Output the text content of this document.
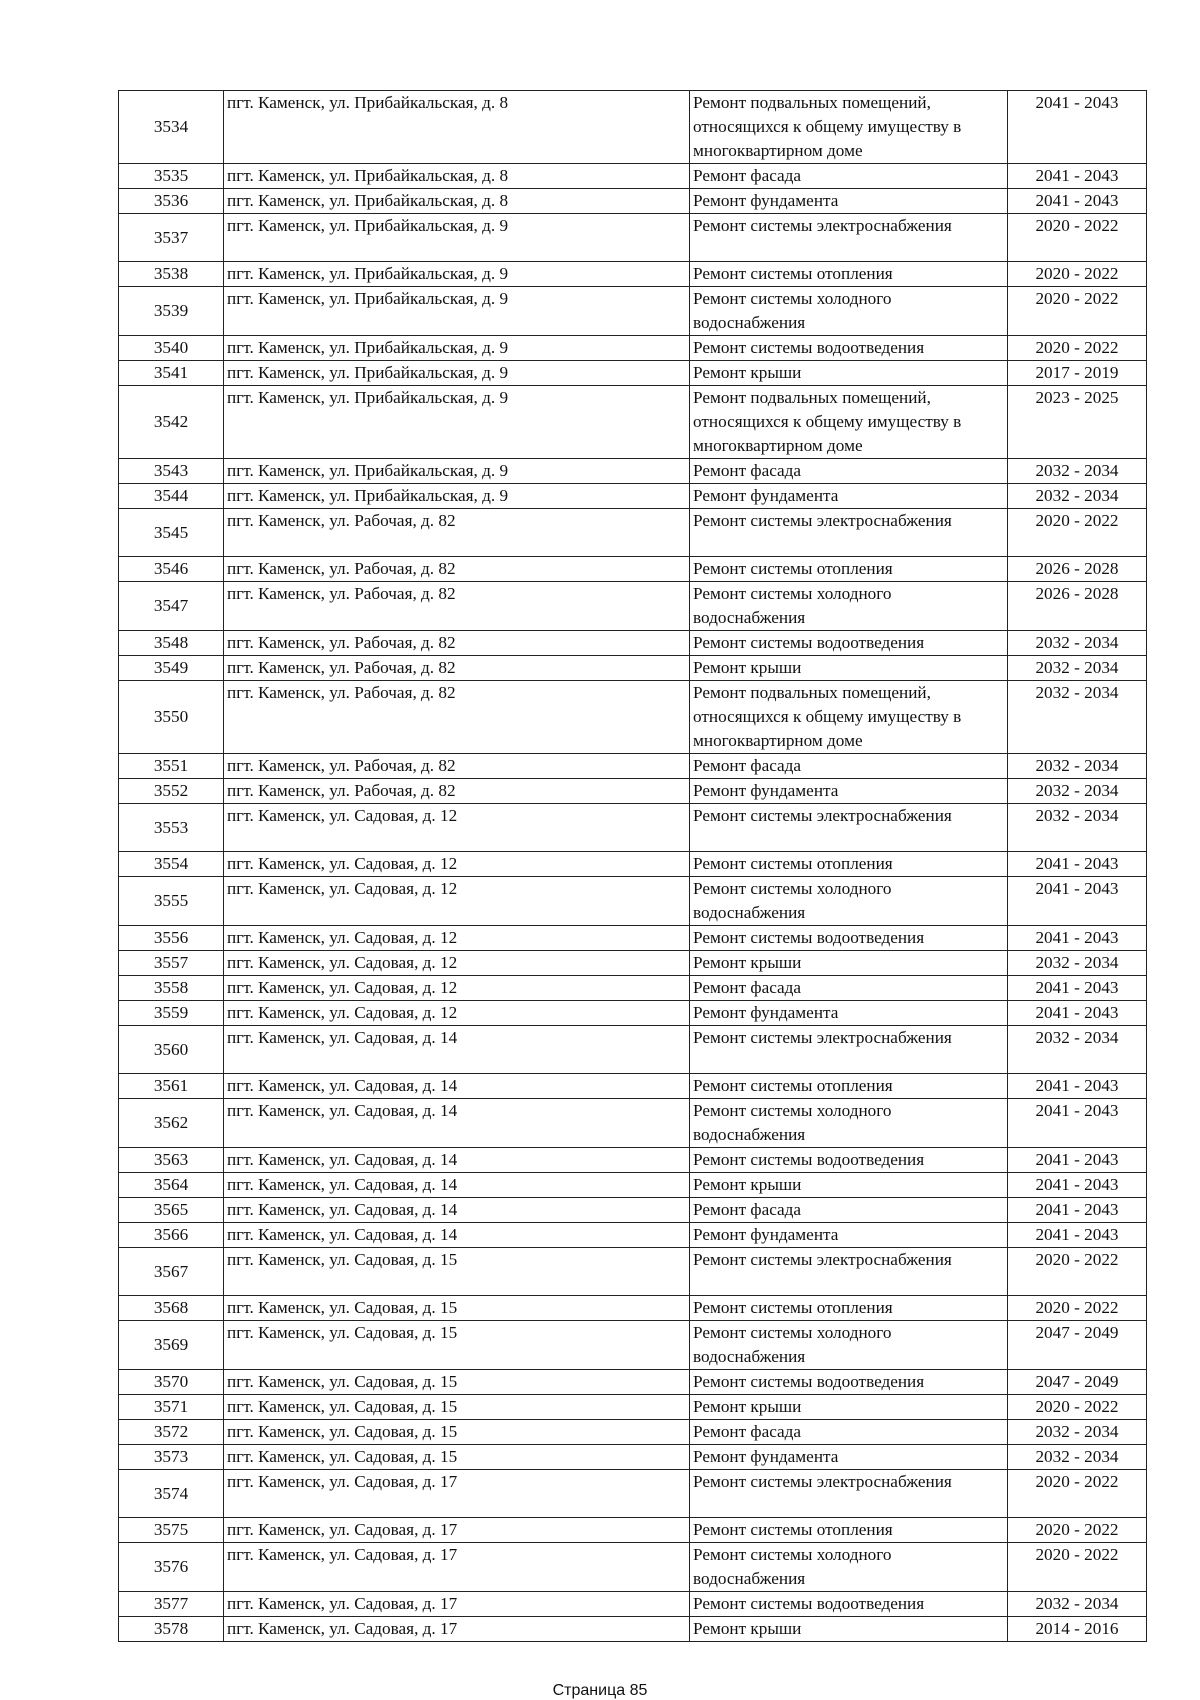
3534	пгт. Каменск, ул. Прибайкальская, д. 8	Ремонт подвальных помещений, относящихся к общему имуществу в многоквартирном доме	2041 - 2043
3535	пгт. Каменск, ул. Прибайкальская, д. 8	Ремонт фасада	2041 - 2043
3536	пгт. Каменск, ул. Прибайкальская, д. 8	Ремонт фундамента	2041 - 2043
3537	пгт. Каменск, ул. Прибайкальская, д. 9	Ремонт системы электроснабжения	2020 - 2022
3538	пгт. Каменск, ул. Прибайкальская, д. 9	Ремонт системы отопления	2020 - 2022
3539	пгт. Каменск, ул. Прибайкальская, д. 9	Ремонт системы холодного водоснабжения	2020 - 2022
3540	пгт. Каменск, ул. Прибайкальская, д. 9	Ремонт системы водоотведения	2020 - 2022
3541	пгт. Каменск, ул. Прибайкальская, д. 9	Ремонт крыши	2017 - 2019
3542	пгт. Каменск, ул. Прибайкальская, д. 9	Ремонт подвальных помещений, относящихся к общему имуществу в многоквартирном доме	2023 - 2025
3543	пгт. Каменск, ул. Прибайкальская, д. 9	Ремонт фасада	2032 - 2034
3544	пгт. Каменск, ул. Прибайкальская, д. 9	Ремонт фундамента	2032 - 2034
3545	пгт. Каменск, ул. Рабочая, д. 82	Ремонт системы электроснабжения	2020 - 2022
3546	пгт. Каменск, ул. Рабочая, д. 82	Ремонт системы отопления	2026 - 2028
3547	пгт. Каменск, ул. Рабочая, д. 82	Ремонт системы холодного водоснабжения	2026 - 2028
3548	пгт. Каменск, ул. Рабочая, д. 82	Ремонт системы водоотведения	2032 - 2034
3549	пгт. Каменск, ул. Рабочая, д. 82	Ремонт крыши	2032 - 2034
3550	пгт. Каменск, ул. Рабочая, д. 82	Ремонт подвальных помещений, относящихся к общему имуществу в многоквартирном доме	2032 - 2034
3551	пгт. Каменск, ул. Рабочая, д. 82	Ремонт фасада	2032 - 2034
3552	пгт. Каменск, ул. Рабочая, д. 82	Ремонт фундамента	2032 - 2034
3553	пгт. Каменск, ул. Садовая, д. 12	Ремонт системы электроснабжения	2032 - 2034
3554	пгт. Каменск, ул. Садовая, д. 12	Ремонт системы отопления	2041 - 2043
3555	пгт. Каменск, ул. Садовая, д. 12	Ремонт системы холодного водоснабжения	2041 - 2043
3556	пгт. Каменск, ул. Садовая, д. 12	Ремонт системы водоотведения	2041 - 2043
3557	пгт. Каменск, ул. Садовая, д. 12	Ремонт крыши	2032 - 2034
3558	пгт. Каменск, ул. Садовая, д. 12	Ремонт фасада	2041 - 2043
3559	пгт. Каменск, ул. Садовая, д. 12	Ремонт фундамента	2041 - 2043
3560	пгт. Каменск, ул. Садовая, д. 14	Ремонт системы электроснабжения	2032 - 2034
3561	пгт. Каменск, ул. Садовая, д. 14	Ремонт системы отопления	2041 - 2043
3562	пгт. Каменск, ул. Садовая, д. 14	Ремонт системы холодного водоснабжения	2041 - 2043
3563	пгт. Каменск, ул. Садовая, д. 14	Ремонт системы водоотведения	2041 - 2043
3564	пгт. Каменск, ул. Садовая, д. 14	Ремонт крыши	2041 - 2043
3565	пгт. Каменск, ул. Садовая, д. 14	Ремонт фасада	2041 - 2043
3566	пгт. Каменск, ул. Садовая, д. 14	Ремонт фундамента	2041 - 2043
3567	пгт. Каменск, ул. Садовая, д. 15	Ремонт системы электроснабжения	2020 - 2022
3568	пгт. Каменск, ул. Садовая, д. 15	Ремонт системы отопления	2020 - 2022
3569	пгт. Каменск, ул. Садовая, д. 15	Ремонт системы холодного водоснабжения	2047 - 2049
3570	пгт. Каменск, ул. Садовая, д. 15	Ремонт системы водоотведения	2047 - 2049
3571	пгт. Каменск, ул. Садовая, д. 15	Ремонт крыши	2020 - 2022
3572	пгт. Каменск, ул. Садовая, д. 15	Ремонт фасада	2032 - 2034
3573	пгт. Каменск, ул. Садовая, д. 15	Ремонт фундамента	2032 - 2034
3574	пгт. Каменск, ул. Садовая, д. 17	Ремонт системы электроснабжения	2020 - 2022
3575	пгт. Каменск, ул. Садовая, д. 17	Ремонт системы отопления	2020 - 2022
3576	пгт. Каменск, ул. Садовая, д. 17	Ремонт системы холодного водоснабжения	2020 - 2022
3577	пгт. Каменск, ул. Садовая, д. 17	Ремонт системы водоотведения	2032 - 2034
3578	пгт. Каменск, ул. Садовая, д. 17	Ремонт крыши	2014 - 2016
Страница 85
